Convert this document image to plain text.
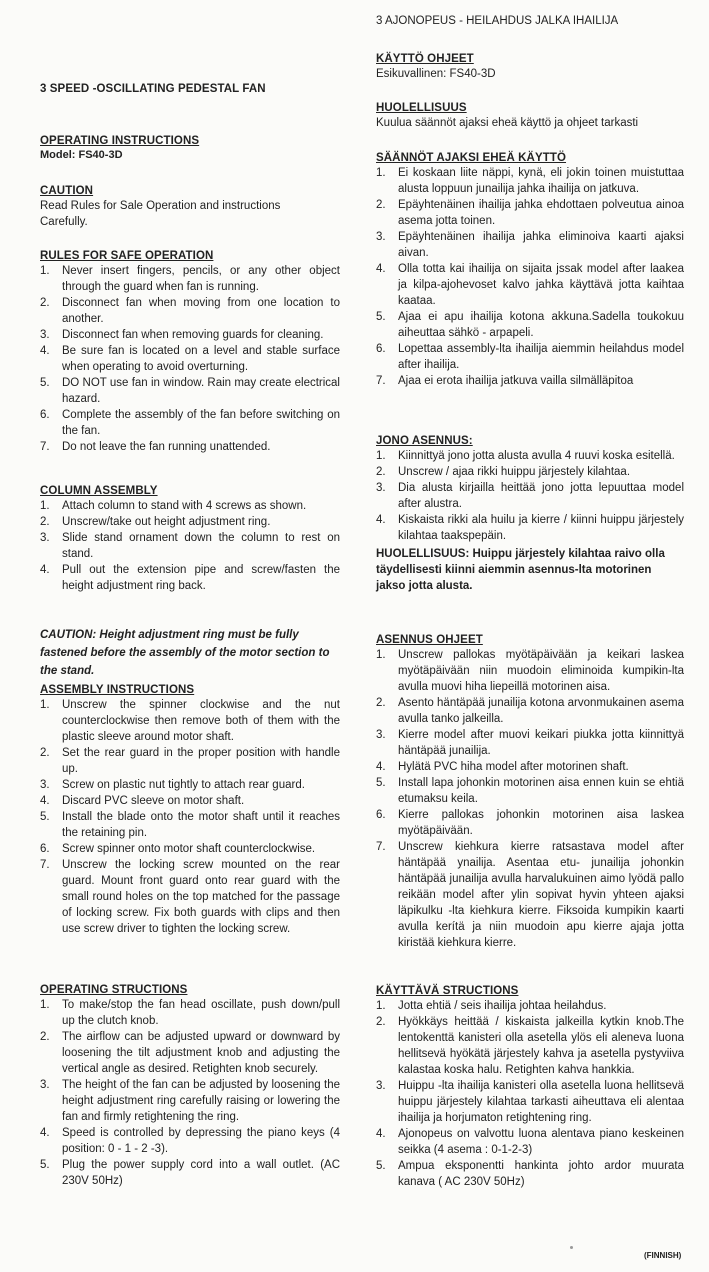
3 AJONOPEUS - HEILAHDUS JALKA IHAILIJA

3 SPEED -OSCILLATING PEDESTAL FAN

OPERATING INSTRUCTIONS

Model: FS40-3D

CAUTION

Read Rules for Sale Operation and instructions Carefully.

RULES FOR SAFE OPERATION

1. Never insert fingers, pencils, or any other object through the guard when fan is running.
2. Disconnect fan when moving from one location to another.
3. Disconnect fan when removing guards for cleaning.
4. Be sure fan is located on a level and stable surface when operating to avoid overturning.
5. DO NOT use fan in window. Rain may create electrical hazard.
6. Complete the assembly of the fan before switching on the fan.
7. Do not leave the fan running unattended.

COLUMN ASSEMBLY

1. Attach column to stand with 4 screws as shown.
2. Unscrew/take out height adjustment ring.
3. Slide stand ornament down the column to rest on stand.
4. Pull out the extension pipe and screw/fasten the height adjustment ring back.

CAUTION: Height adjustment ring must be fully fastened before the assembly of the motor section to the stand.

ASSEMBLY INSTRUCTIONS

1. Unscrew the spinner clockwise and the nut counterclockwise then remove both of them with the plastic sleeve around motor shaft.
2. Set the rear guard in the proper position with handle up.
3. Screw on plastic nut tightly to attach rear guard.
4. Discard PVC sleeve on motor shaft.
5. Install the blade onto the motor shaft until it reaches the retaining pin.
6. Screw spinner onto motor shaft counterclockwise.
7. Unscrew the locking screw mounted on the rear guard. Mount front guard onto rear guard with the small round holes on the top matched for the passage of locking screw. Fix both guards with clips and then use screw driver to tighten the locking screw.

OPERATING STRUCTIONS

1. To make/stop the fan head oscillate, push down/pull up the clutch knob.
2. The airflow can be adjusted upward or downward by loosening the tilt adjustment knob and adjusting the vertical angle as desired. Retighten knob securely.
3. The height of the fan can be adjusted by loosening the height adjustment ring carefully raising or lowering the fan and firmly retightening the ring.
4. Speed is controlled by depressing the piano keys (4 position: 0 - 1 - 2 -3).
5. Plug the power supply cord into a wall outlet. (AC 230V 50Hz)

KÄYTTÖ OHJEET

Esikuvallinen: FS40-3D

HUOLELLISUUS

Kuulua säännöt ajaksi eheä käyttö ja ohjeet tarkasti

SÄÄNNÖT AJAKSI EHEÄ KÄYTTÖ

1. Ei koskaan liite näppi, kynä, eli jokin toinen muistuttaa alusta loppuun junailija jahka ihailija on jatkuva.
2. Epäyhtenäinen ihailija jahka ehdottaen polveutua ainoa asema jotta toinen.
3. Epäyhtenäinen ihailija jahka eliminoiva kaarti ajaksi aivan.
4. Olla totta kai ihailija on sijaita jssak model after laakea ja kilpa-ajohevoset kalvo jahka käyttävä jotta kaihtaa kaataa.
5. Ajaa ei apu ihailija kotona akkuna.Sadella toukokuu aiheuttaa sähkö - arpapeli.
6. Lopettaa assembly-lta ihailija aiemmin heilahdus model after ihailija.
7. Ajaa ei erota ihailija jatkuva vailla silmälläpitoa

JONO ASENNUS:

1. Kiinnittyä jono jotta alusta avulla 4 ruuvi koska esitellä.
2. Unscrew / ajaa rikki huippu järjestely kilahtaa.
3. Dia alusta kirjailla heittää jono jotta lepuuttaa model after alustra.
4. Kiskaista rikki ala huilu ja kierre / kiinni huippu järjestely kilahtaa taakspepäin.

HUOLELLISUUS: Huippu järjestely kilahtaa raivo olla täydellisesti kiinni aiemmin asennus-lta motorinen jakso jotta alusta.

ASENNUS OHJEET

1. Unscrew pallokas myötäpäivään ja keikari laskea myötäpäivään niin muodoin eliminoida kumpikin-lta avulla muovi hiha liepeillä motorinen aisa.
2. Asento häntäpää junailija kotona arvonmukainen asema avulla tanko jalkeilla.
3. Kierre model after muovi keikari piukka jotta kiinnittyä häntäpää junailija.
4. Hylätä PVC hiha model after motorinen shaft.
5. Install lapa johonkin motorinen aisa ennen kuin se ehtiä etumaksu keila.
6. Kierre pallokas johonkin motorinen aisa laskea myötäpäivään.
7. Unscrew kiehkura kierre ratsastava model after häntäpää ynailija. Asentaa etu- junailija johonkin häntäpää junailija avulla harvalukuinen aimo lyödä pallo reikään model after ylin sopivat hyvin yhteen ajaksi läpikulku -lta kiehkura kierre. Fiksoida kumpikin kaarti avulla kerítä ja niin muodoin apu kierre ajaja jotta kiristää kiehkura kierre.

KÄYTTÄVÄ STRUCTIONS

1. Jotta ehtiä / seis ihailija johtaa heilahdus.
2. Hyökkäys heittää / kiskaista jalkeilla kytkin knob.The lentokenttä kanisteri olla asetella ylös eli aleneva luona hellitsevä hyökätä järjestely kahva ja asetella pystyviiva kalastaa koska halu. Retighten kahva hankkia.
3. Huippu -lta ihailija kanisteri olla asetella luona hellitsevä huippu järjestely kilahtaa tarkasti aiheuttava eli alentaa ihailija ja horjumaton retightening ring.
4. Ajonopeus on valvottu luona alentava piano keskeinen seikka (4 asema : 0-1-2-3)
5. Ampua eksponentti hankinta johto ardor muurata kanava ( AC 230V 50Hz)
(FINNISH)
